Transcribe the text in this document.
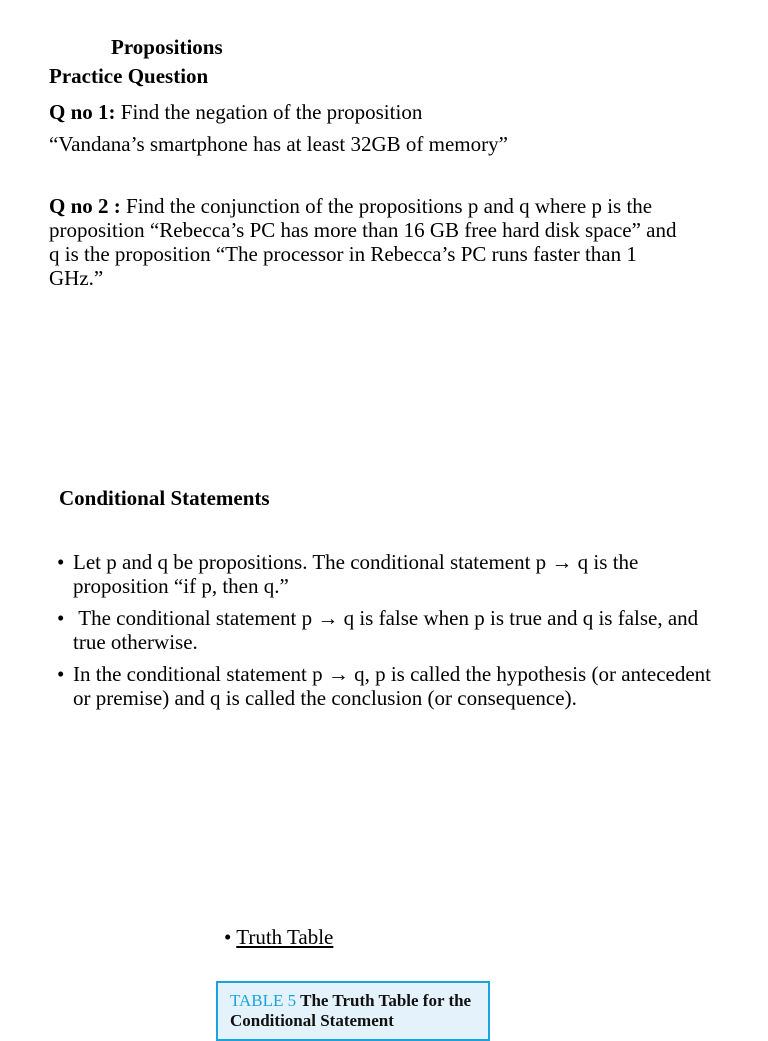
Propositions
Practice Question
Q no 1: Find the negation of the proposition
“Vandana’s smartphone has at least 32GB of memory”
Q no 2 : Find the conjunction of the propositions p and q where p is the proposition “Rebecca’s PC has more than 16 GB free hard disk space” and q is the proposition “The processor in Rebecca’s PC runs faster than 1 GHz.”
Conditional Statements
• Let p and q be propositions. The conditional statement p → q is the proposition “if p, then q.”
• The conditional statement p → q is false when p is true and q is false, and true otherwise.
• In the conditional statement p → q, p is called the hypothesis (or antecedent or premise) and q is called the conclusion (or consequence).
• Truth Table
TABLE 5 The Truth Table for the Conditional Statement
